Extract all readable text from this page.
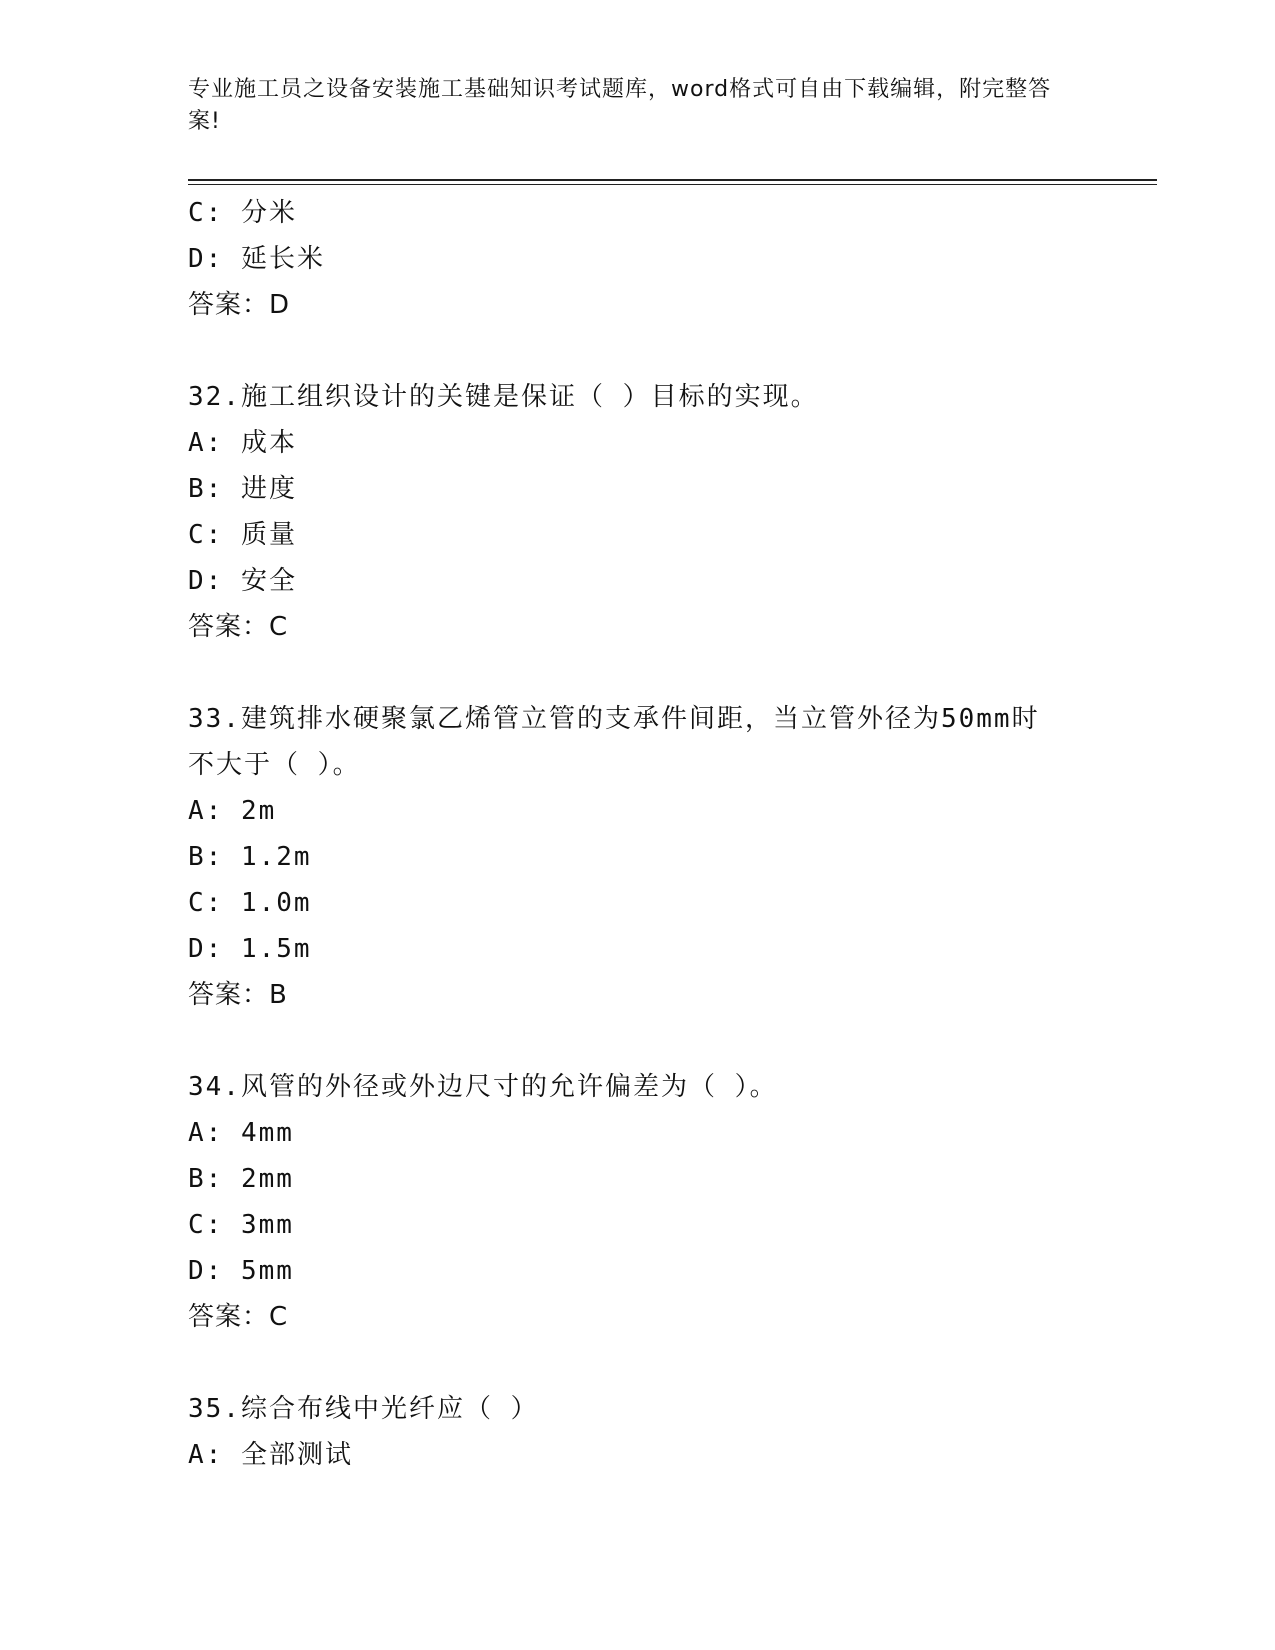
专业施工员之设备安装施工基础知识考试题库，word格式可自由下载编辑，附完整答案!
C: 分米
D: 延长米
答案：D
32.施工组织设计的关键是保证（ ）目标的实现。
A: 成本
B: 进度
C: 质量
D: 安全
答案：C
33.建筑排水硬聚氯乙烯管立管的支承件间距，当立管外径为50mm时
不大于（ ）。
A: 2m
B: 1.2m
C: 1.0m
D: 1.5m
答案：B
34.风管的外径或外边尺寸的允许偏差为（ ）。
A: 4mm
B: 2mm
C: 3mm
D: 5mm
答案：C
35.综合布线中光纤应（ ）
A: 全部测试
